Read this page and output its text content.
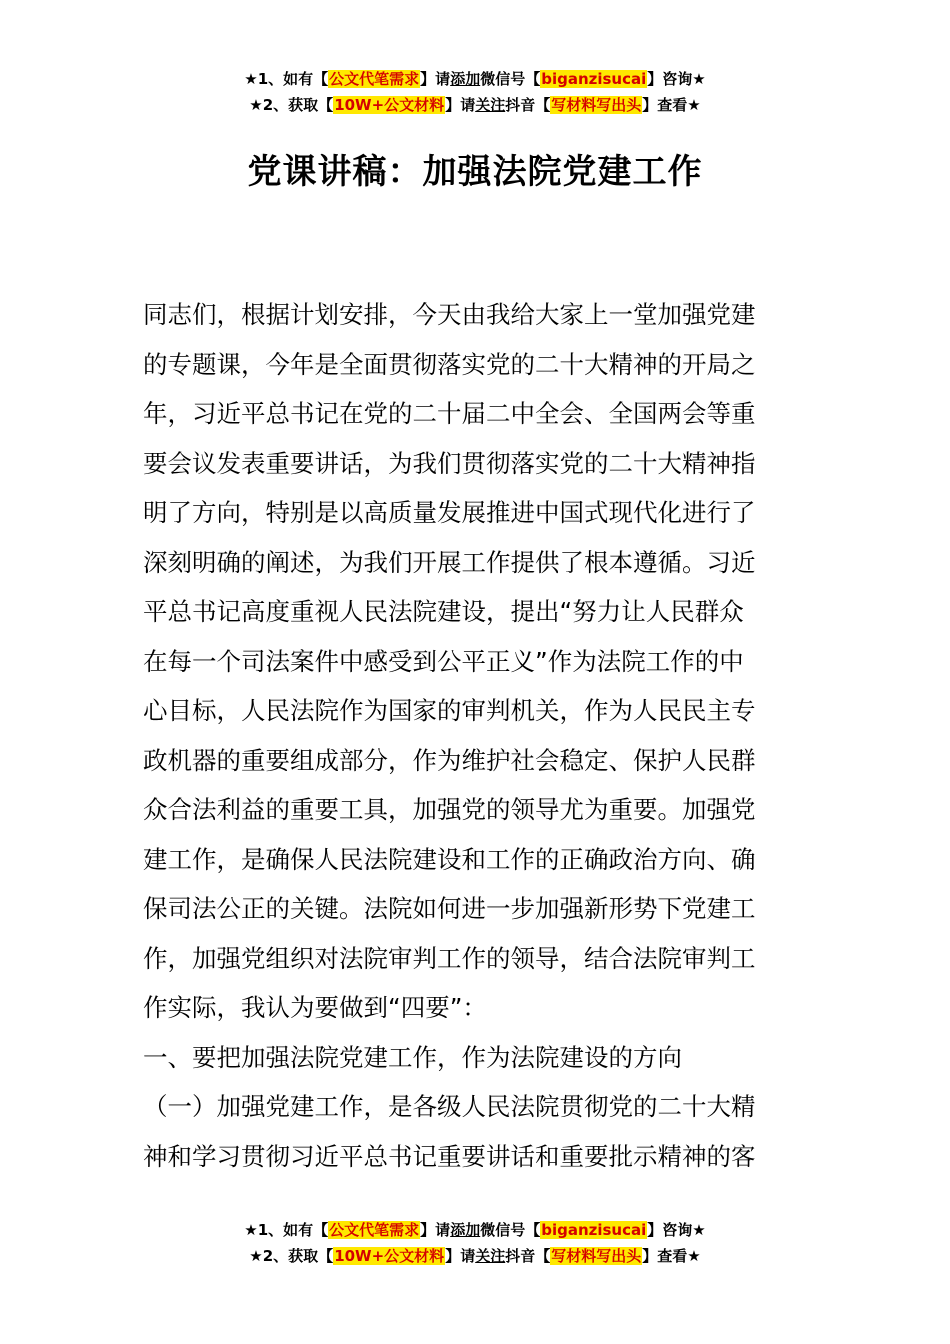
★1、如有【公文代笔需求】请添加微信号【biganzisucai】咨询★
★2、获取【10W+公文材料】请关注抖音【写材料写出头】查看★
党课讲稿：加强法院党建工作

同志们，根据计划安排，今天由我给大家上一堂加强党建

的专题课，今年是全面贯彻落实党的二十大精神的开局之

年，习近平总书记在党的二十届二中全会、全国两会等重

要会议发表重要讲话，为我们贯彻落实党的二十大精神指

明了方向，特别是以高质量发展推进中国式现代化进行了

深刻明确的阐述，为我们开展工作提供了根本遵循。习近

平总书记高度重视人民法院建设，提出“努力让人民群众

在每一个司法案件中感受到公平正义”作为法院工作的中

心目标，人民法院作为国家的审判机关，作为人民民主专

政机器的重要组成部分，作为维护社会稳定、保护人民群

众合法利益的重要工具，加强党的领导尤为重要。加强党

建工作，是确保人民法院建设和工作的正确政治方向、确

保司法公正的关键。法院如何进一步加强新形势下党建工

作，加强党组织对法院审判工作的领导，结合法院审判工

作实际，我认为要做到“四要”：

一、要把加强法院党建工作，作为法院建设的方向

（一）加强党建工作，是各级人民法院贯彻党的二十大精

神和学习贯彻习近平总书记重要讲话和重要批示精神的客

★1、如有【公文代笔需求】请添加微信号【biganzisucai】咨询★
★2、获取【10W+公文材料】请关注抖音【写材料写出头】查看★
